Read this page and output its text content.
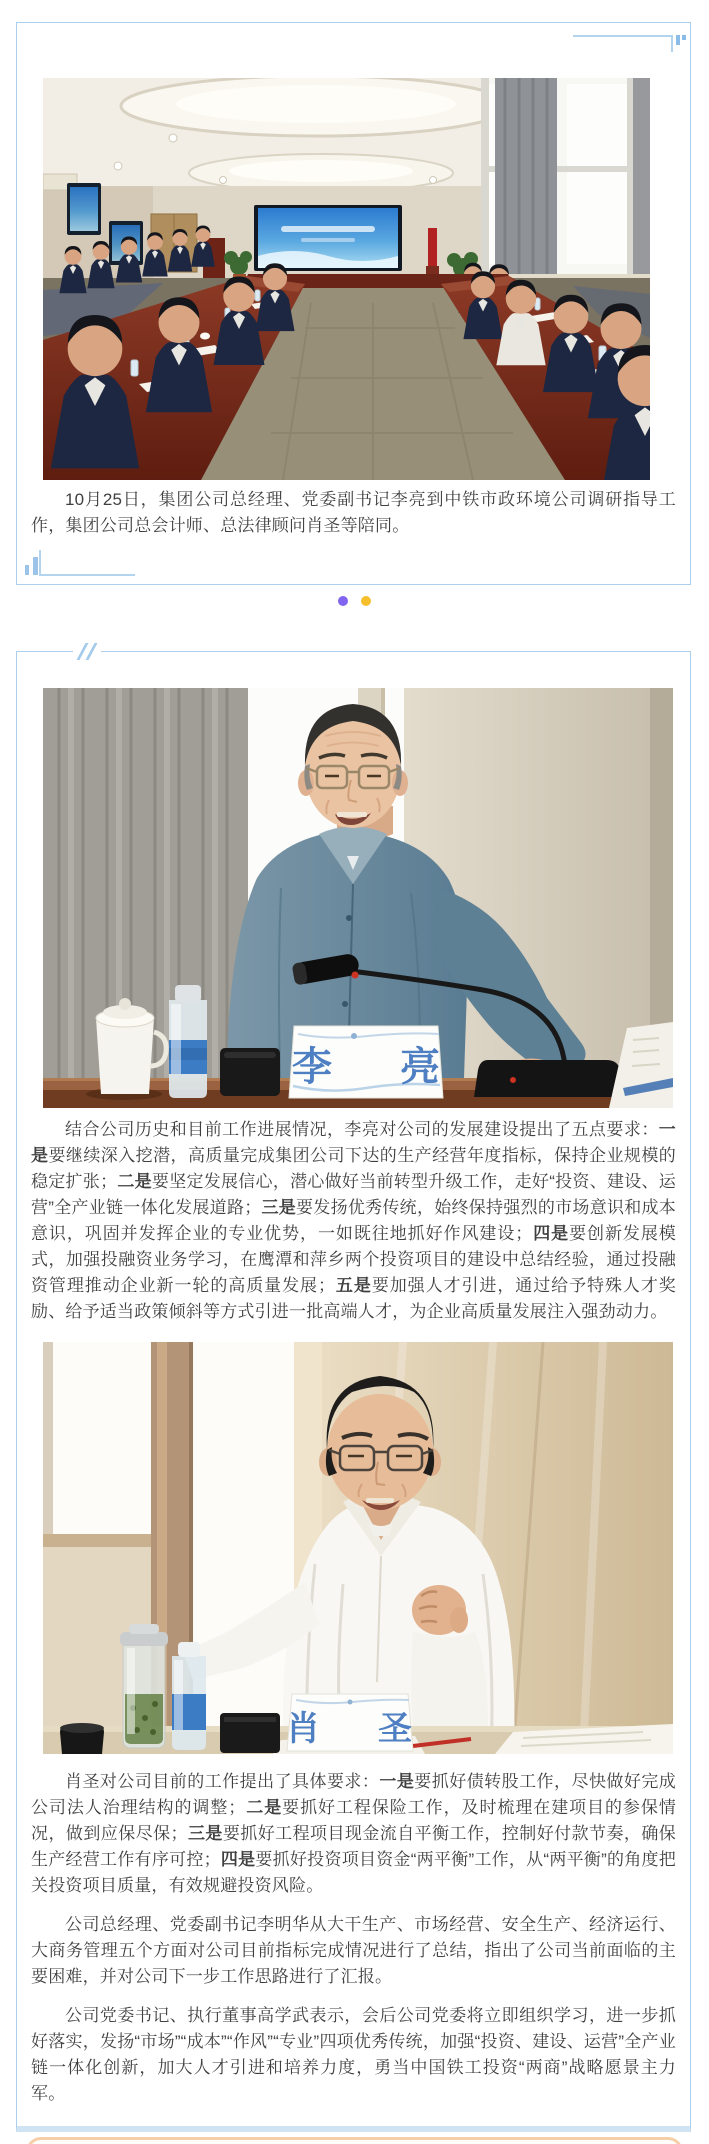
10月25日，集团公司总经理、党委副书记李亮到中铁市政环境公司调研指导工作，集团公司总会计师、总法律顾问肖圣等陪同。

李　亮

结合公司历史和目前工作进展情况，李亮对公司的发展建设提出了五点要求：一是要继续深入挖潜，高质量完成集团公司下达的生产经营年度指标，保持企业规模的稳定扩张；二是要坚定发展信心，潜心做好当前转型升级工作，走好“投资、建设、运营”全产业链一体化发展道路；三是要发扬优秀传统，始终保持强烈的市场意识和成本意识，巩固并发挥企业的专业优势，一如既往地抓好作风建设；四是要创新发展模式，加强投融资业务学习，在鹰潭和萍乡两个投资项目的建设中总结经验，通过投融资管理推动企业新一轮的高质量发展；五是要加强人才引进，通过给予特殊人才奖励、给予适当政策倾斜等方式引进一批高端人才，为企业高质量发展注入强劲动力。

肖　圣

肖圣对公司目前的工作提出了具体要求：一是要抓好债转股工作，尽快做好完成公司法人治理结构的调整；二是要抓好工程保险工作，及时梳理在建项目的参保情况，做到应保尽保；三是要抓好工程项目现金流自平衡工作，控制好付款节奏，确保生产经营工作有序可控；四是要抓好投资项目资金“两平衡”工作，从“两平衡”的角度把关投资项目质量，有效规避投资风险。

公司总经理、党委副书记李明华从大干生产、市场经营、安全生产、经济运行、大商务管理五个方面对公司目前指标完成情况进行了总结，指出了公司当前面临的主要困难，并对公司下一步工作思路进行了汇报。

公司党委书记、执行董事高学武表示，会后公司党委将立即组织学习，进一步抓好落实，发扬“市场”“成本”“作风”“专业”四项优秀传统，加强“投资、建设、运营”全产业链一体化创新，加大人才引进和培养力度，勇当中国铁工投资“两商”战略愿景主力军。
